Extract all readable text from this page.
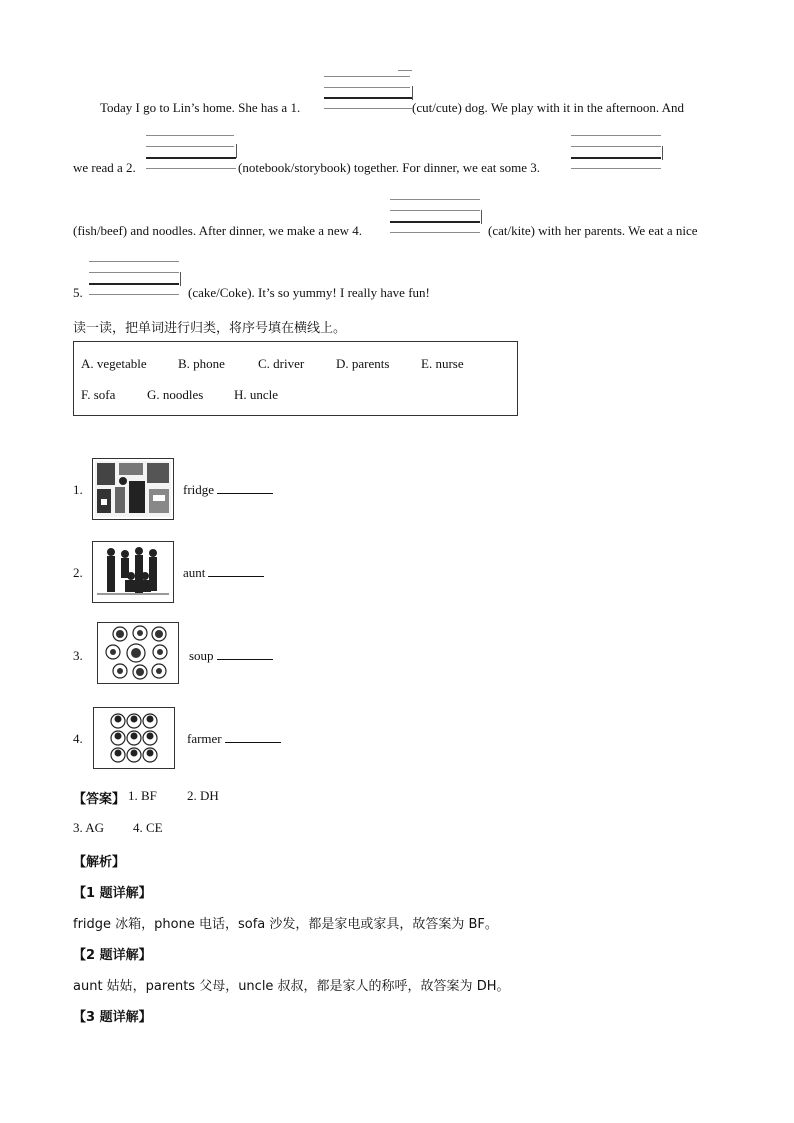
Today I go to Lin’s home. She has a 1.	(cut/cute) dog. We play with it in the afternoon. And
we read a 2.	(notebook/storybook) together. For dinner, we eat some 3.
(fish/beef) and noodles. After dinner, we make a new 4.	(cat/kite) with her parents. We eat a nice
5.	(cake/Coke). It’s so yummy! I really have fun!
读一读，把单词进行归类，将序号填在横线上。
A. vegetable B. phone	C. driver D. parents E. nurse
F. sofa G. noodles H. uncle
1.	fridge
2.	aunt
3.	soup
4.	farmer
【答案】 1. BF 2. DH
3. AG 4. CE
【解析】
【1 题详解】
fridge 冰箱，phone 电话，sofa 沙发，都是家电或家具，故答案为 BF。
【2 题详解】
aunt 姑姑，parents 父母，uncle 叔叔，都是家人的称呼，故答案为 DH。
【3 题详解】
